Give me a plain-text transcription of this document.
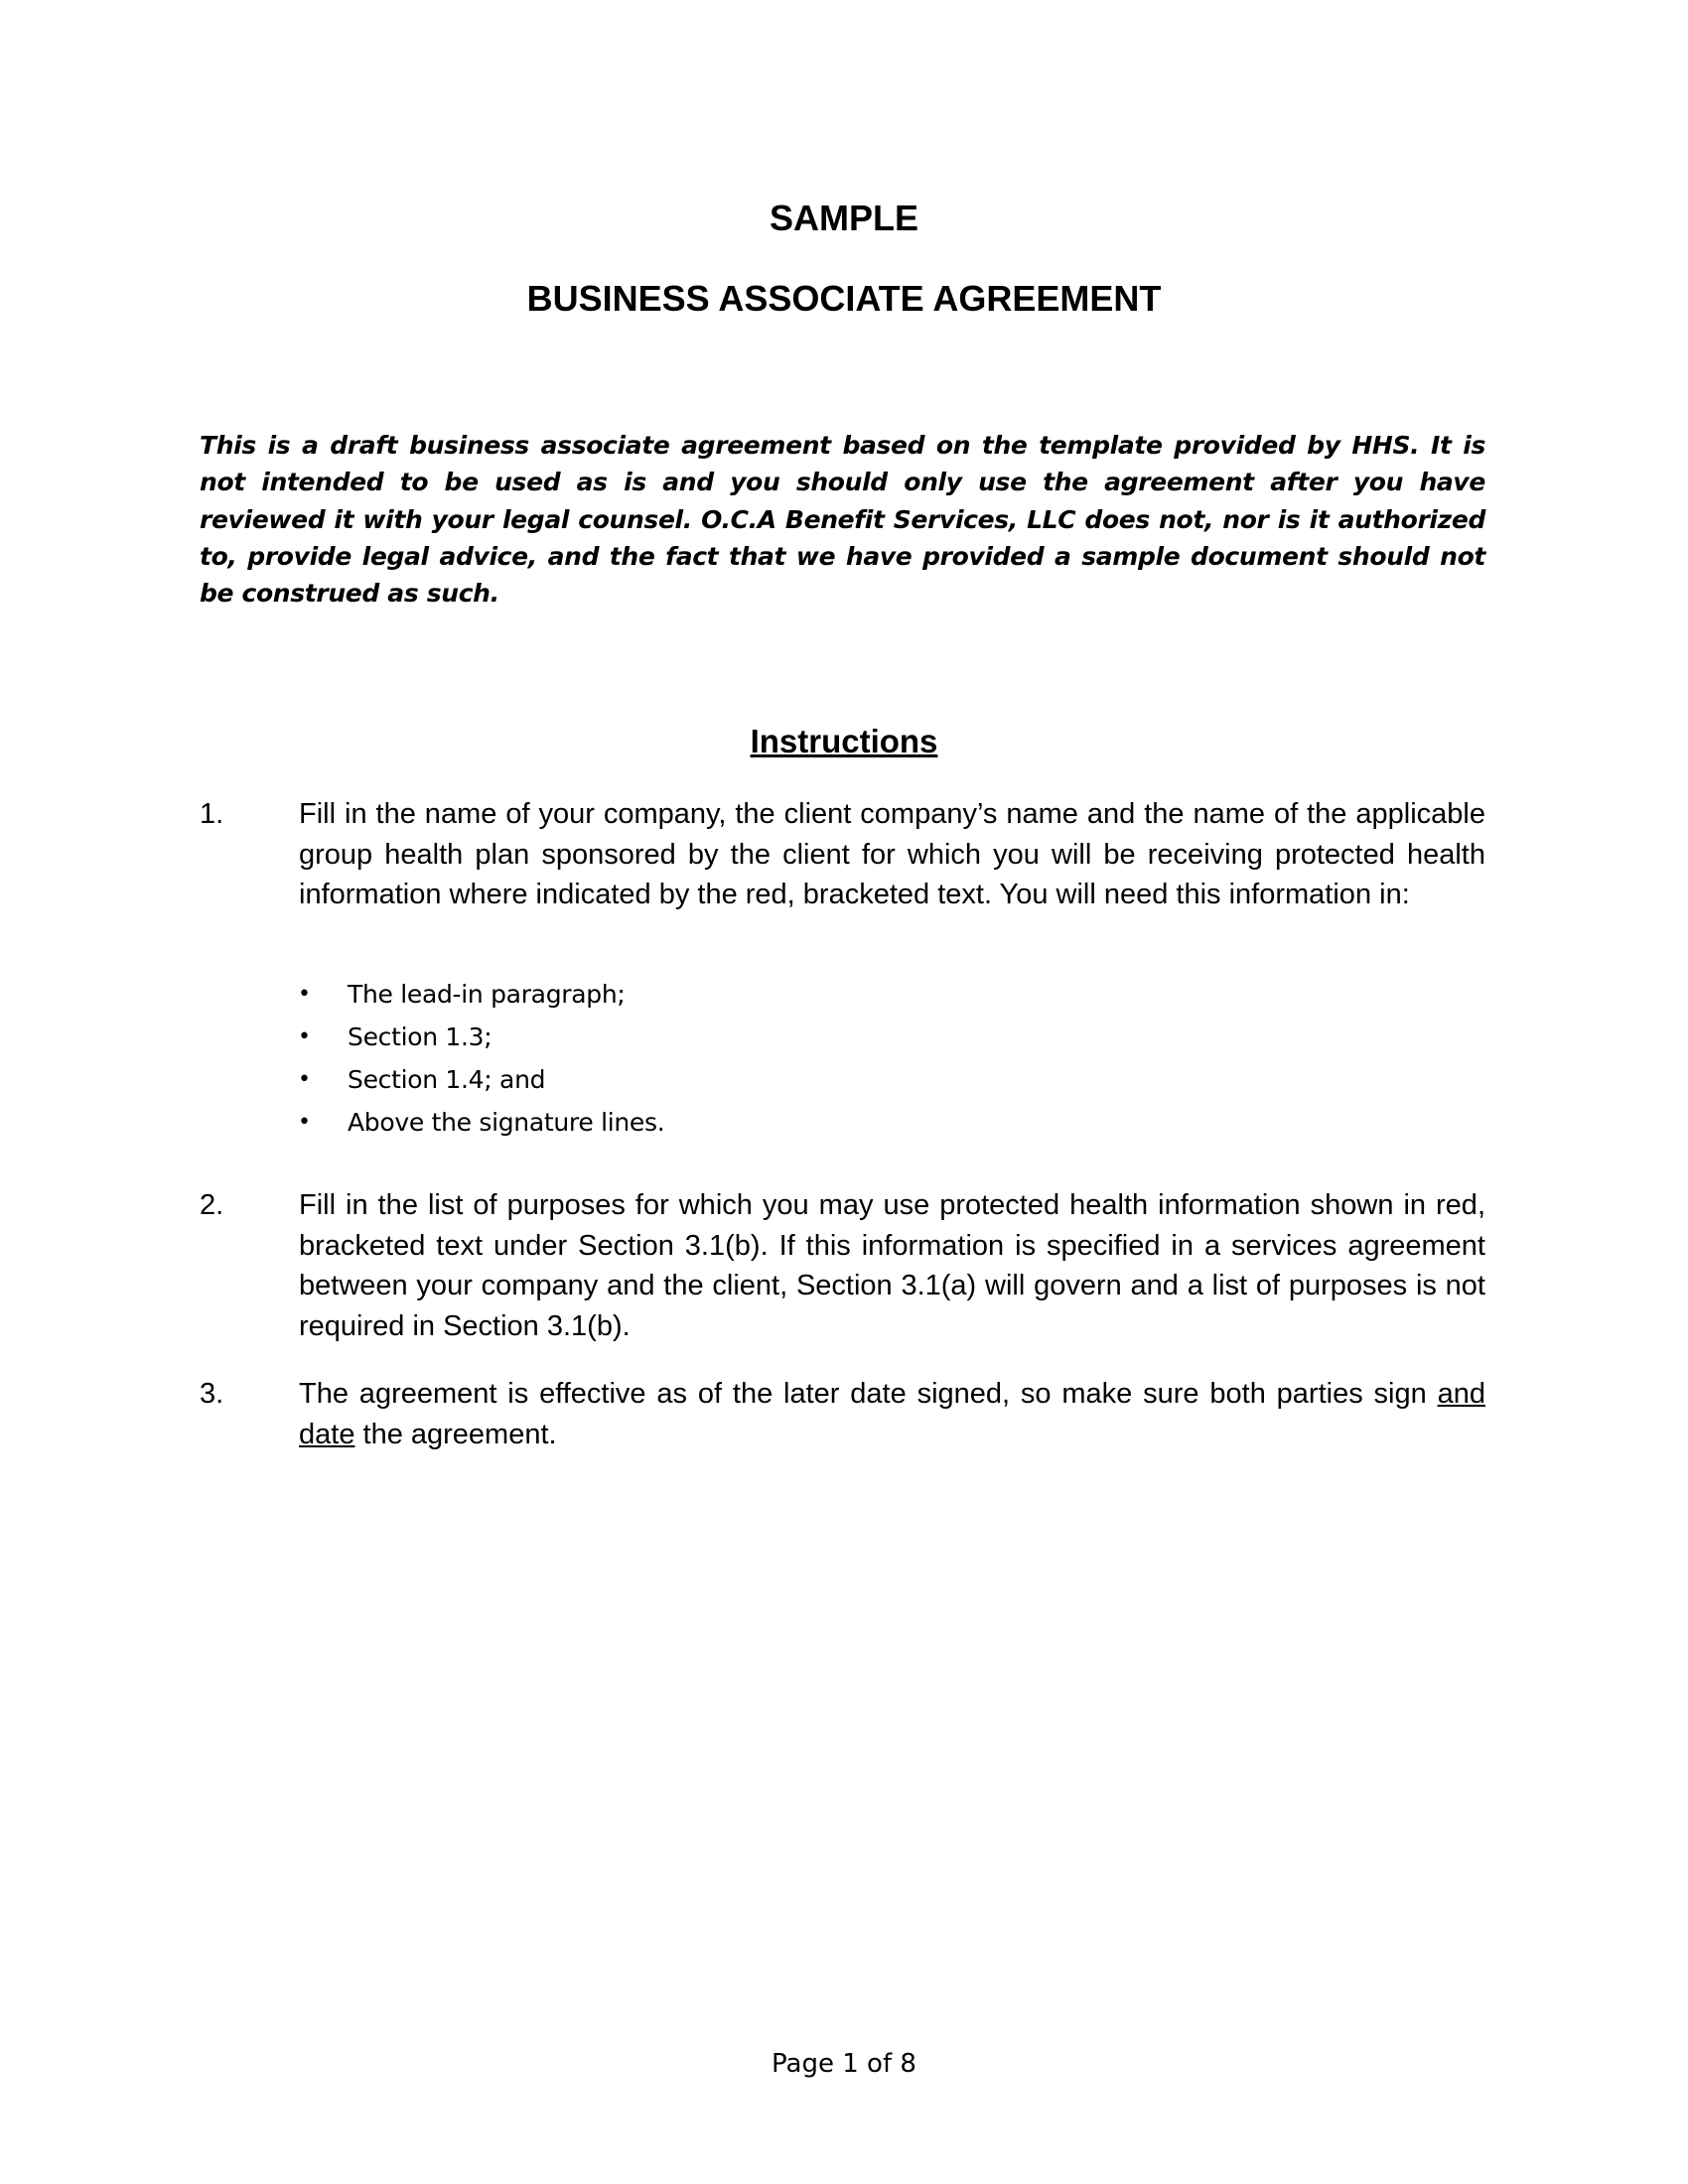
SAMPLE
BUSINESS ASSOCIATE AGREEMENT
This is a draft business associate agreement based on the template provided by HHS. It is not intended to be used as is and you should only use the agreement after you have reviewed it with your legal counsel. O.C.A Benefit Services, LLC does not, nor is it authorized to, provide legal advice, and the fact that we have provided a sample document should not be construed as such.
Instructions
1.	Fill in the name of your company, the client company’s name and the name of the applicable group health plan sponsored by the client for which you will be receiving protected health information where indicated by the red, bracketed text. You will need this information in:
• The lead-in paragraph;
• Section 1.3;
• Section 1.4; and
• Above the signature lines.
2.	Fill in the list of purposes for which you may use protected health information shown in red, bracketed text under Section 3.1(b). If this information is specified in a services agreement between your company and the client, Section 3.1(a) will govern and a list of purposes is not required in Section 3.1(b).
3.	The agreement is effective as of the later date signed, so make sure both parties sign and date the agreement.
Page 1 of 8
